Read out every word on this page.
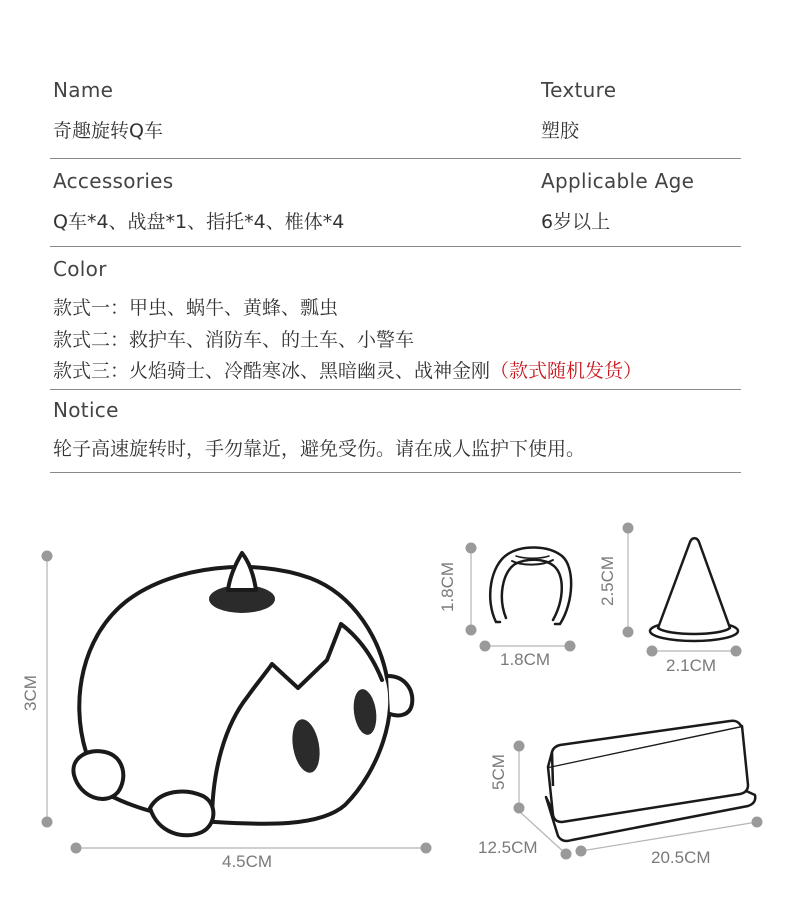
Name
奇趣旋转Q车
Texture
塑胶
Accessories
Q车*4、战盘*1、指托*4、椎体*4
Applicable Age
6岁以上
Color
款式一：甲虫、蜗牛、黄蜂、瓢虫
款式二：救护车、消防车、的土车、小警车
款式三：火焰骑士、冷酷寒冰、黑暗幽灵、战神金刚（款式随机发货）
Notice
轮子高速旋转时，手勿靠近，避免受伤。请在成人监护下使用。
3CM
4.5CM
1.8CM
1.8CM
2.5CM
2.1CM
5CM
12.5CM
20.5CM
